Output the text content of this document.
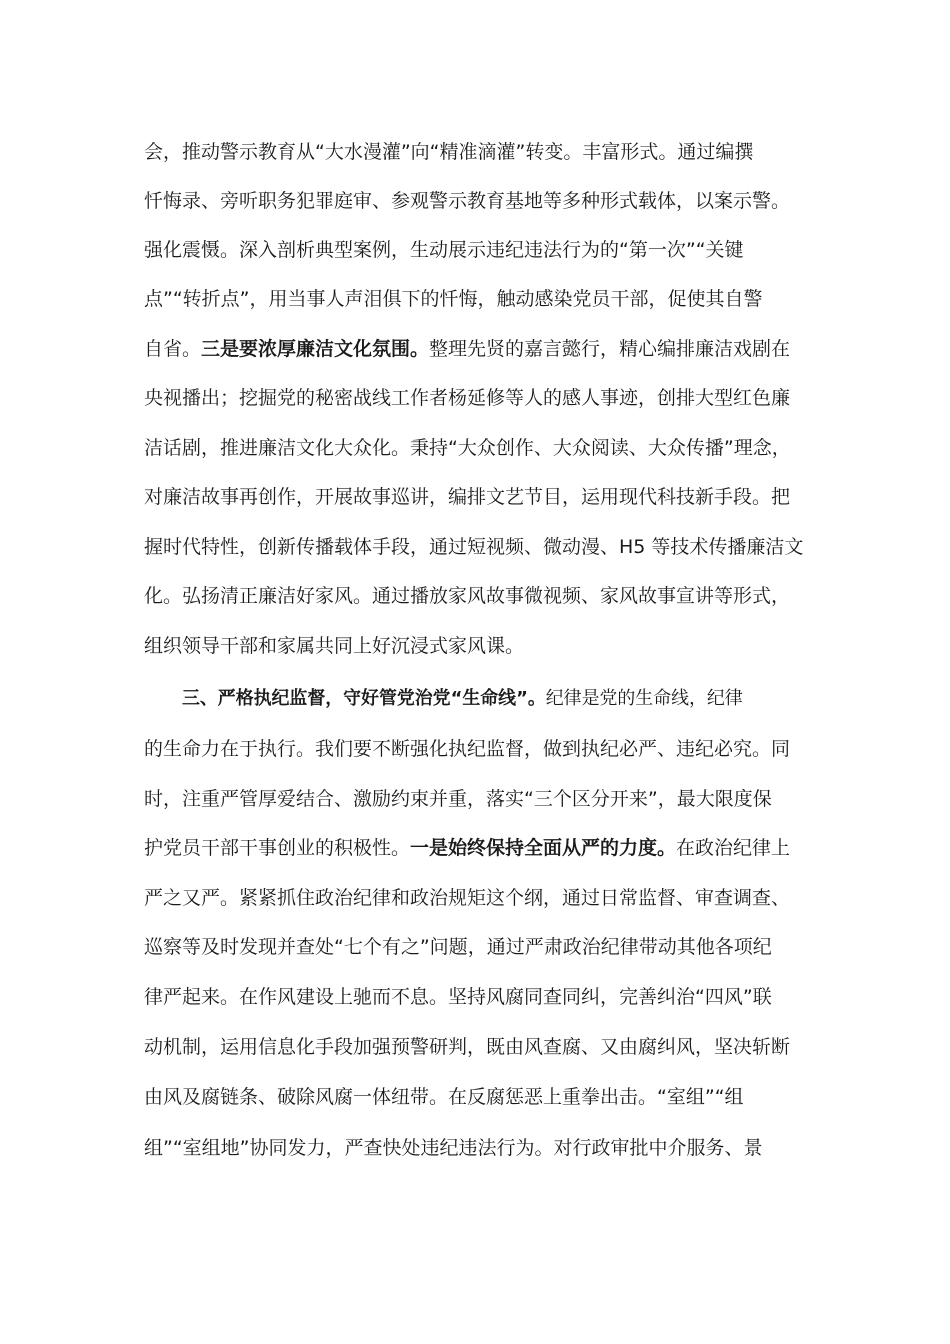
会，推动警示教育从“大水漫灌”向“精准滴灌”转变。丰富形式。通过编撰
忏悔录、旁听职务犯罪庭审、参观警示教育基地等多种形式载体，以案示警。
强化震慑。深入剖析典型案例，生动展示违纪违法行为的“第一次”“关键
点”“转折点”，用当事人声泪俱下的忏悔，触动感染党员干部，促使其自警
自省。三是要浓厚廉洁文化氛围。整理先贤的嘉言懿行，精心编排廉洁戏剧在
央视播出；挖掘党的秘密战线工作者杨延修等人的感人事迹，创排大型红色廉
洁话剧，推进廉洁文化大众化。秉持“大众创作、大众阅读、大众传播”理念，
对廉洁故事再创作，开展故事巡讲，编排文艺节目，运用现代科技新手段。把
握时代特性，创新传播载体手段，通过短视频、微动漫、H5 等技术传播廉洁文
化。弘扬清正廉洁好家风。通过播放家风故事微视频、家风故事宣讲等形式，
组织领导干部和家属共同上好沉浸式家风课。
三、严格执纪监督，守好管党治党“生命线”。纪律是党的生命线，纪律
的生命力在于执行。我们要不断强化执纪监督，做到执纪必严、违纪必究。同
时，注重严管厚爱结合、激励约束并重，落实“三个区分开来”，最大限度保
护党员干部干事创业的积极性。一是始终保持全面从严的力度。在政治纪律上
严之又严。紧紧抓住政治纪律和政治规矩这个纲，通过日常监督、审查调查、
巡察等及时发现并查处“七个有之”问题，通过严肃政治纪律带动其他各项纪
律严起来。在作风建设上驰而不息。坚持风腐同查同纠，完善纠治“四风”联
动机制，运用信息化手段加强预警研判，既由风查腐、又由腐纠风，坚决斩断
由风及腐链条、破除风腐一体纽带。在反腐惩恶上重拳出击。“室组”“组
组”“室组地”协同发力，严查快处违纪违法行为。对行政审批中介服务、景
